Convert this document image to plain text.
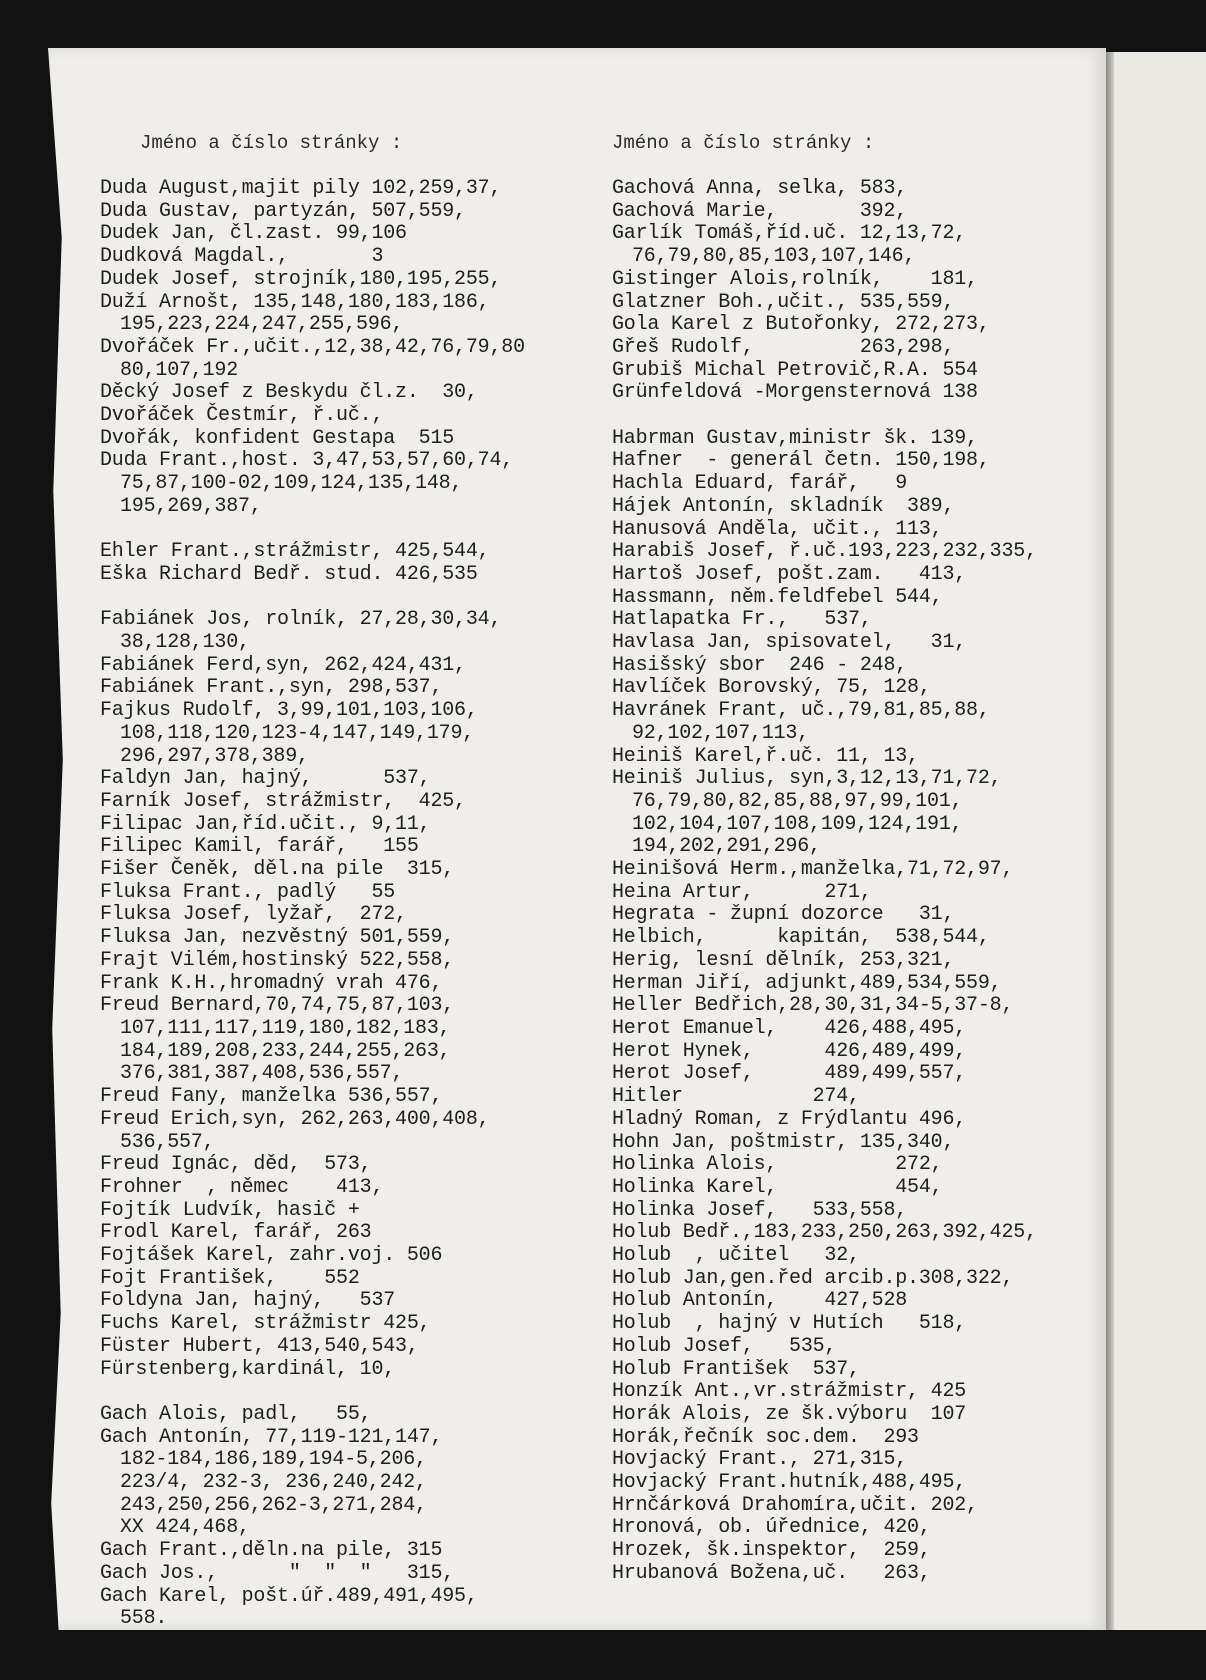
Jméno a číslo stránky :
Duda August,majit pily 102,259,37,
Duda Gustav, partyzán, 507,559,
Dudek Jan, čl.zast. 99,106
Dudková Magdal.,       3
Dudek Josef, strojník,180,195,255,
Duží Arnošt, 135,148,180,183,186,
195,223,224,247,255,596,
Dvořáček Fr.,učit.,12,38,42,76,79,80
80,107,192
Děcký Josef z Beskydu čl.z.  30,
Dvořáček Čestmír, ř.uč.,
Dvořák, konfident Gestapa  515
Duda Frant.,host. 3,47,53,57,60,74,
75,87,100-02,109,124,135,148,
195,269,387,
Ehler Frant.,strážmistr, 425,544,
Eška Richard Bedř. stud. 426,535
Fabiánek Jos, rolník, 27,28,30,34,
38,128,130,
Fabiánek Ferd,syn, 262,424,431,
Fabiánek Frant.,syn, 298,537,
Fajkus Rudolf, 3,99,101,103,106,
108,118,120,123-4,147,149,179,
296,297,378,389,
Faldyn Jan, hajný,      537,
Farník Josef, strážmistr,  425,
Filipac Jan,říd.učit., 9,11,
Filipec Kamil, farář,   155
Fišer Čeněk, děl.na pile  315,
Fluksa Frant., padlý   55
Fluksa Josef, lyžař,  272,
Fluksa Jan, nezvěstný 501,559,
Frajt Vilém,hostinský 522,558,
Frank K.H.,hromadný vrah 476,
Freud Bernard,70,74,75,87,103,
107,111,117,119,180,182,183,
184,189,208,233,244,255,263,
376,381,387,408,536,557,
Freud Fany, manželka 536,557,
Freud Erich,syn, 262,263,400,408,
536,557,
Freud Ignác, děd,  573,
Frohner  , němec    413,
Fojtík Ludvík, hasič +
Frodl Karel, farář, 263
Fojtášek Karel, zahr.voj. 506
Fojt František,    552
Foldyna Jan, hajný,   537
Fuchs Karel, strážmistr 425,
Füster Hubert, 413,540,543,
Fürstenberg,kardinál, 10,
Gach Alois, padl,   55,
Gach Antonín, 77,119-121,147,
182-184,186,189,194-5,206,
223/4, 232-3, 236,240,242,
243,250,256,262-3,271,284,
XX 424,468,
Gach Frant.,děln.na pile, 315
Gach Jos.,      "  "  "   315,
Gach Karel, pošt.úř.489,491,495,
558.
Jméno a číslo stránky :
Gachová Anna, selka, 583,
Gachová Marie,       392,
Garlík Tomáš,říd.uč. 12,13,72,
76,79,80,85,103,107,146,
Gistinger Alois,rolník,    181,
Glatzner Boh.,učit., 535,559,
Gola Karel z Butořonky, 272,273,
Gřeš Rudolf,         263,298,
Grubiš Michal Petrovič,R.A. 554
Grünfeldová -Morgensternová 138
Habrman Gustav,ministr šk. 139,
Hafner  - generál četn. 150,198,
Hachla Eduard, farář,   9
Hájek Antonín, skladník  389,
Hanusová Anděla, učit., 113,
Harabiš Josef, ř.uč.193,223,232,335,
Hartoš Josef, pošt.zam.   413,
Hassmann, něm.feldfebel 544,
Hatlapatka Fr.,   537,
Havlasa Jan, spisovatel,   31,
Hasišský sbor  246 - 248,
Havlíček Borovský, 75, 128,
Havránek Frant, uč.,79,81,85,88,
92,102,107,113,
Heiniš Karel,ř.uč. 11, 13,
Heiniš Julius, syn,3,12,13,71,72,
76,79,80,82,85,88,97,99,101,
102,104,107,108,109,124,191,
194,202,291,296,
Heinišová Herm.,manželka,71,72,97,
Heina Artur,      271,
Hegrata - župní dozorce   31,
Helbich,      kapitán,  538,544,
Herig, lesní dělník, 253,321,
Herman Jiří, adjunkt,489,534,559,
Heller Bedřich,28,30,31,34-5,37-8,
Herot Emanuel,    426,488,495,
Herot Hynek,      426,489,499,
Herot Josef,      489,499,557,
Hitler           274,
Hladný Roman, z Frýdlantu 496,
Hohn Jan, poštmistr, 135,340,
Holinka Alois,          272,
Holinka Karel,          454,
Holinka Josef,   533,558,
Holub Bedř.,183,233,250,263,392,425,
Holub  , učitel   32,
Holub Jan,gen.řed arcib.p.308,322,
Holub Antonín,    427,528
Holub  , hajný v Hutích   518,
Holub Josef,   535,
Holub František  537,
Honzík Ant.,vr.strážmistr, 425
Horák Alois, ze šk.výboru  107
Horák,řečník soc.dem.  293
Hovjacký Frant., 271,315,
Hovjacký Frant.hutník,488,495,
Hrnčárková Drahomíra,učit. 202,
Hronová, ob. úřednice, 420,
Hrozek, šk.inspektor,  259,
Hrubanová Božena,uč.   263,
